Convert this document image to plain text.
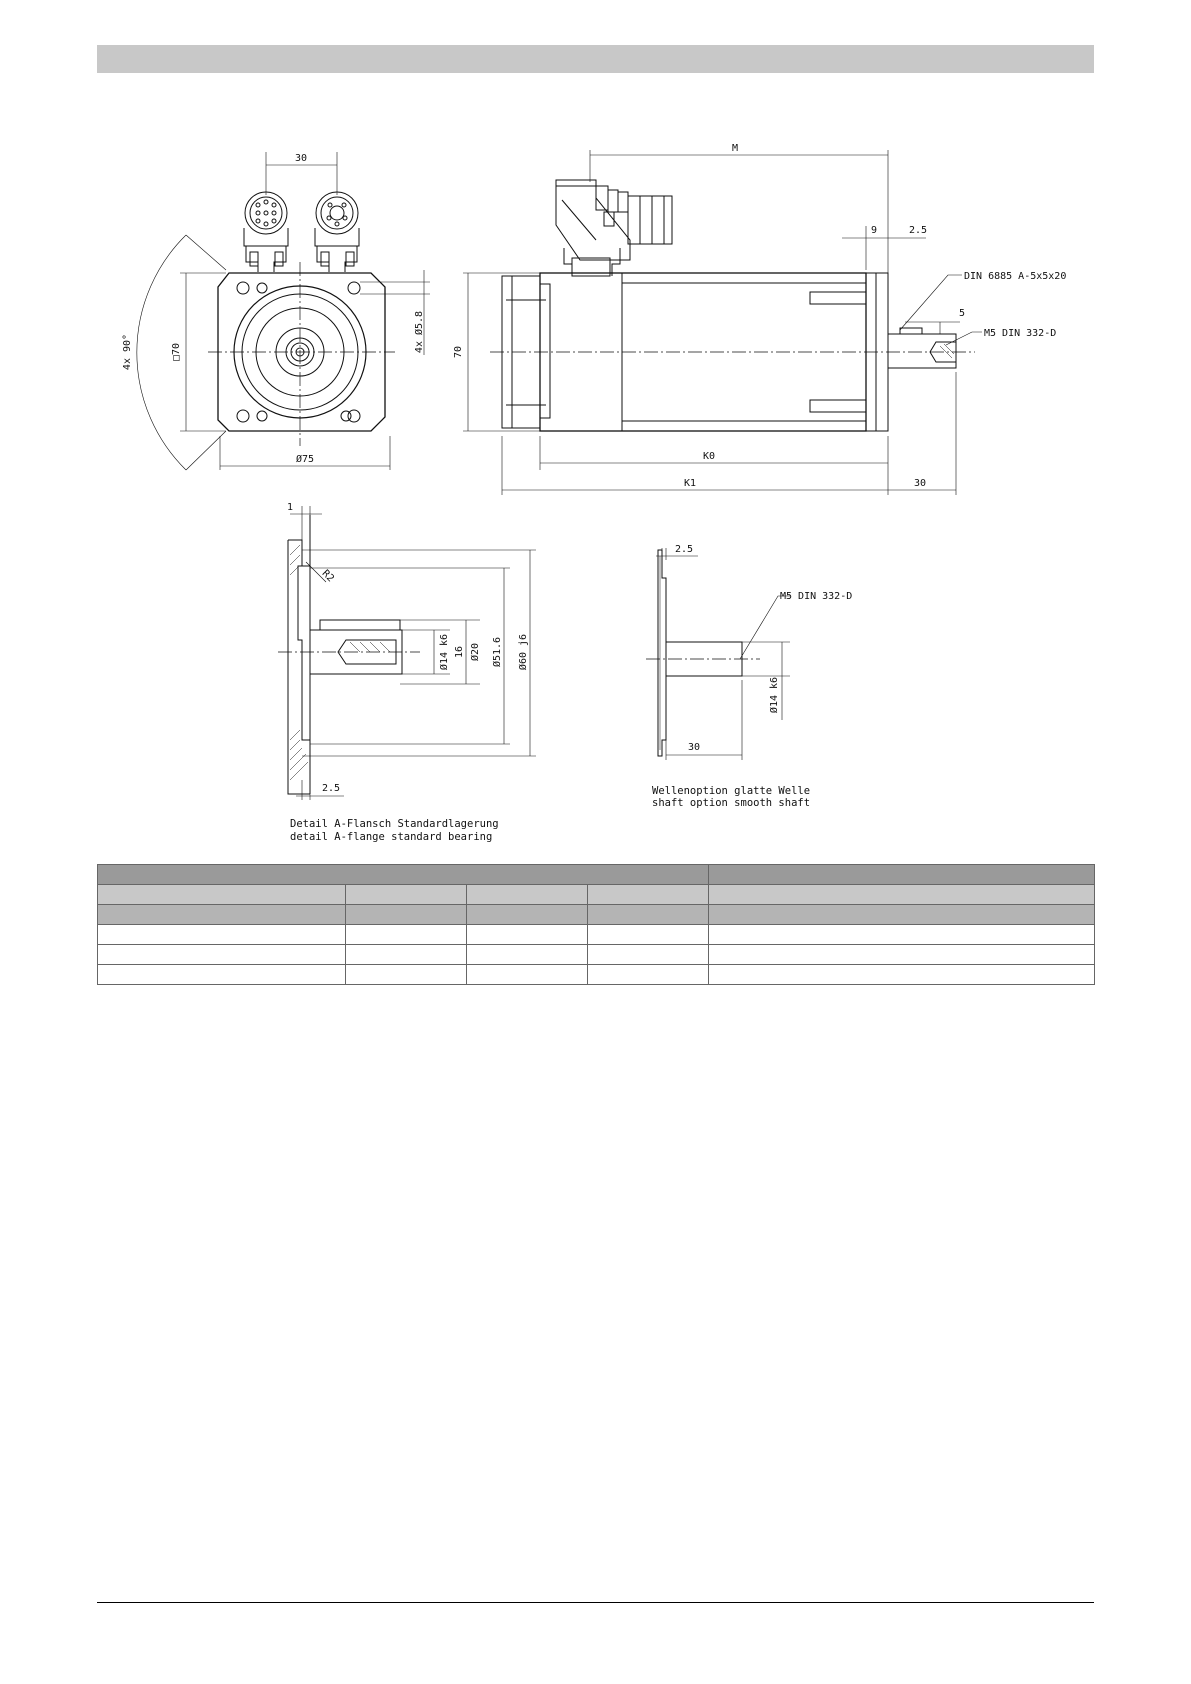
30
□70
4x 90°
Ø75
4x Ø5.8
M
9	2.5
70
5
DIN 6885 A-5x5x20
M5 DIN 332-D
K0
K1	30
1
R2
Ø14 k6 16 Ø20 Ø51.6 Ø60 j6
2.5
Detail A-Flansch Standardlagerung
detail A-flange standard bearing
2.5
M5 DIN 332-D
Ø14 k6
30
Wellenoption glatte Welle
shaft option smooth shaft
